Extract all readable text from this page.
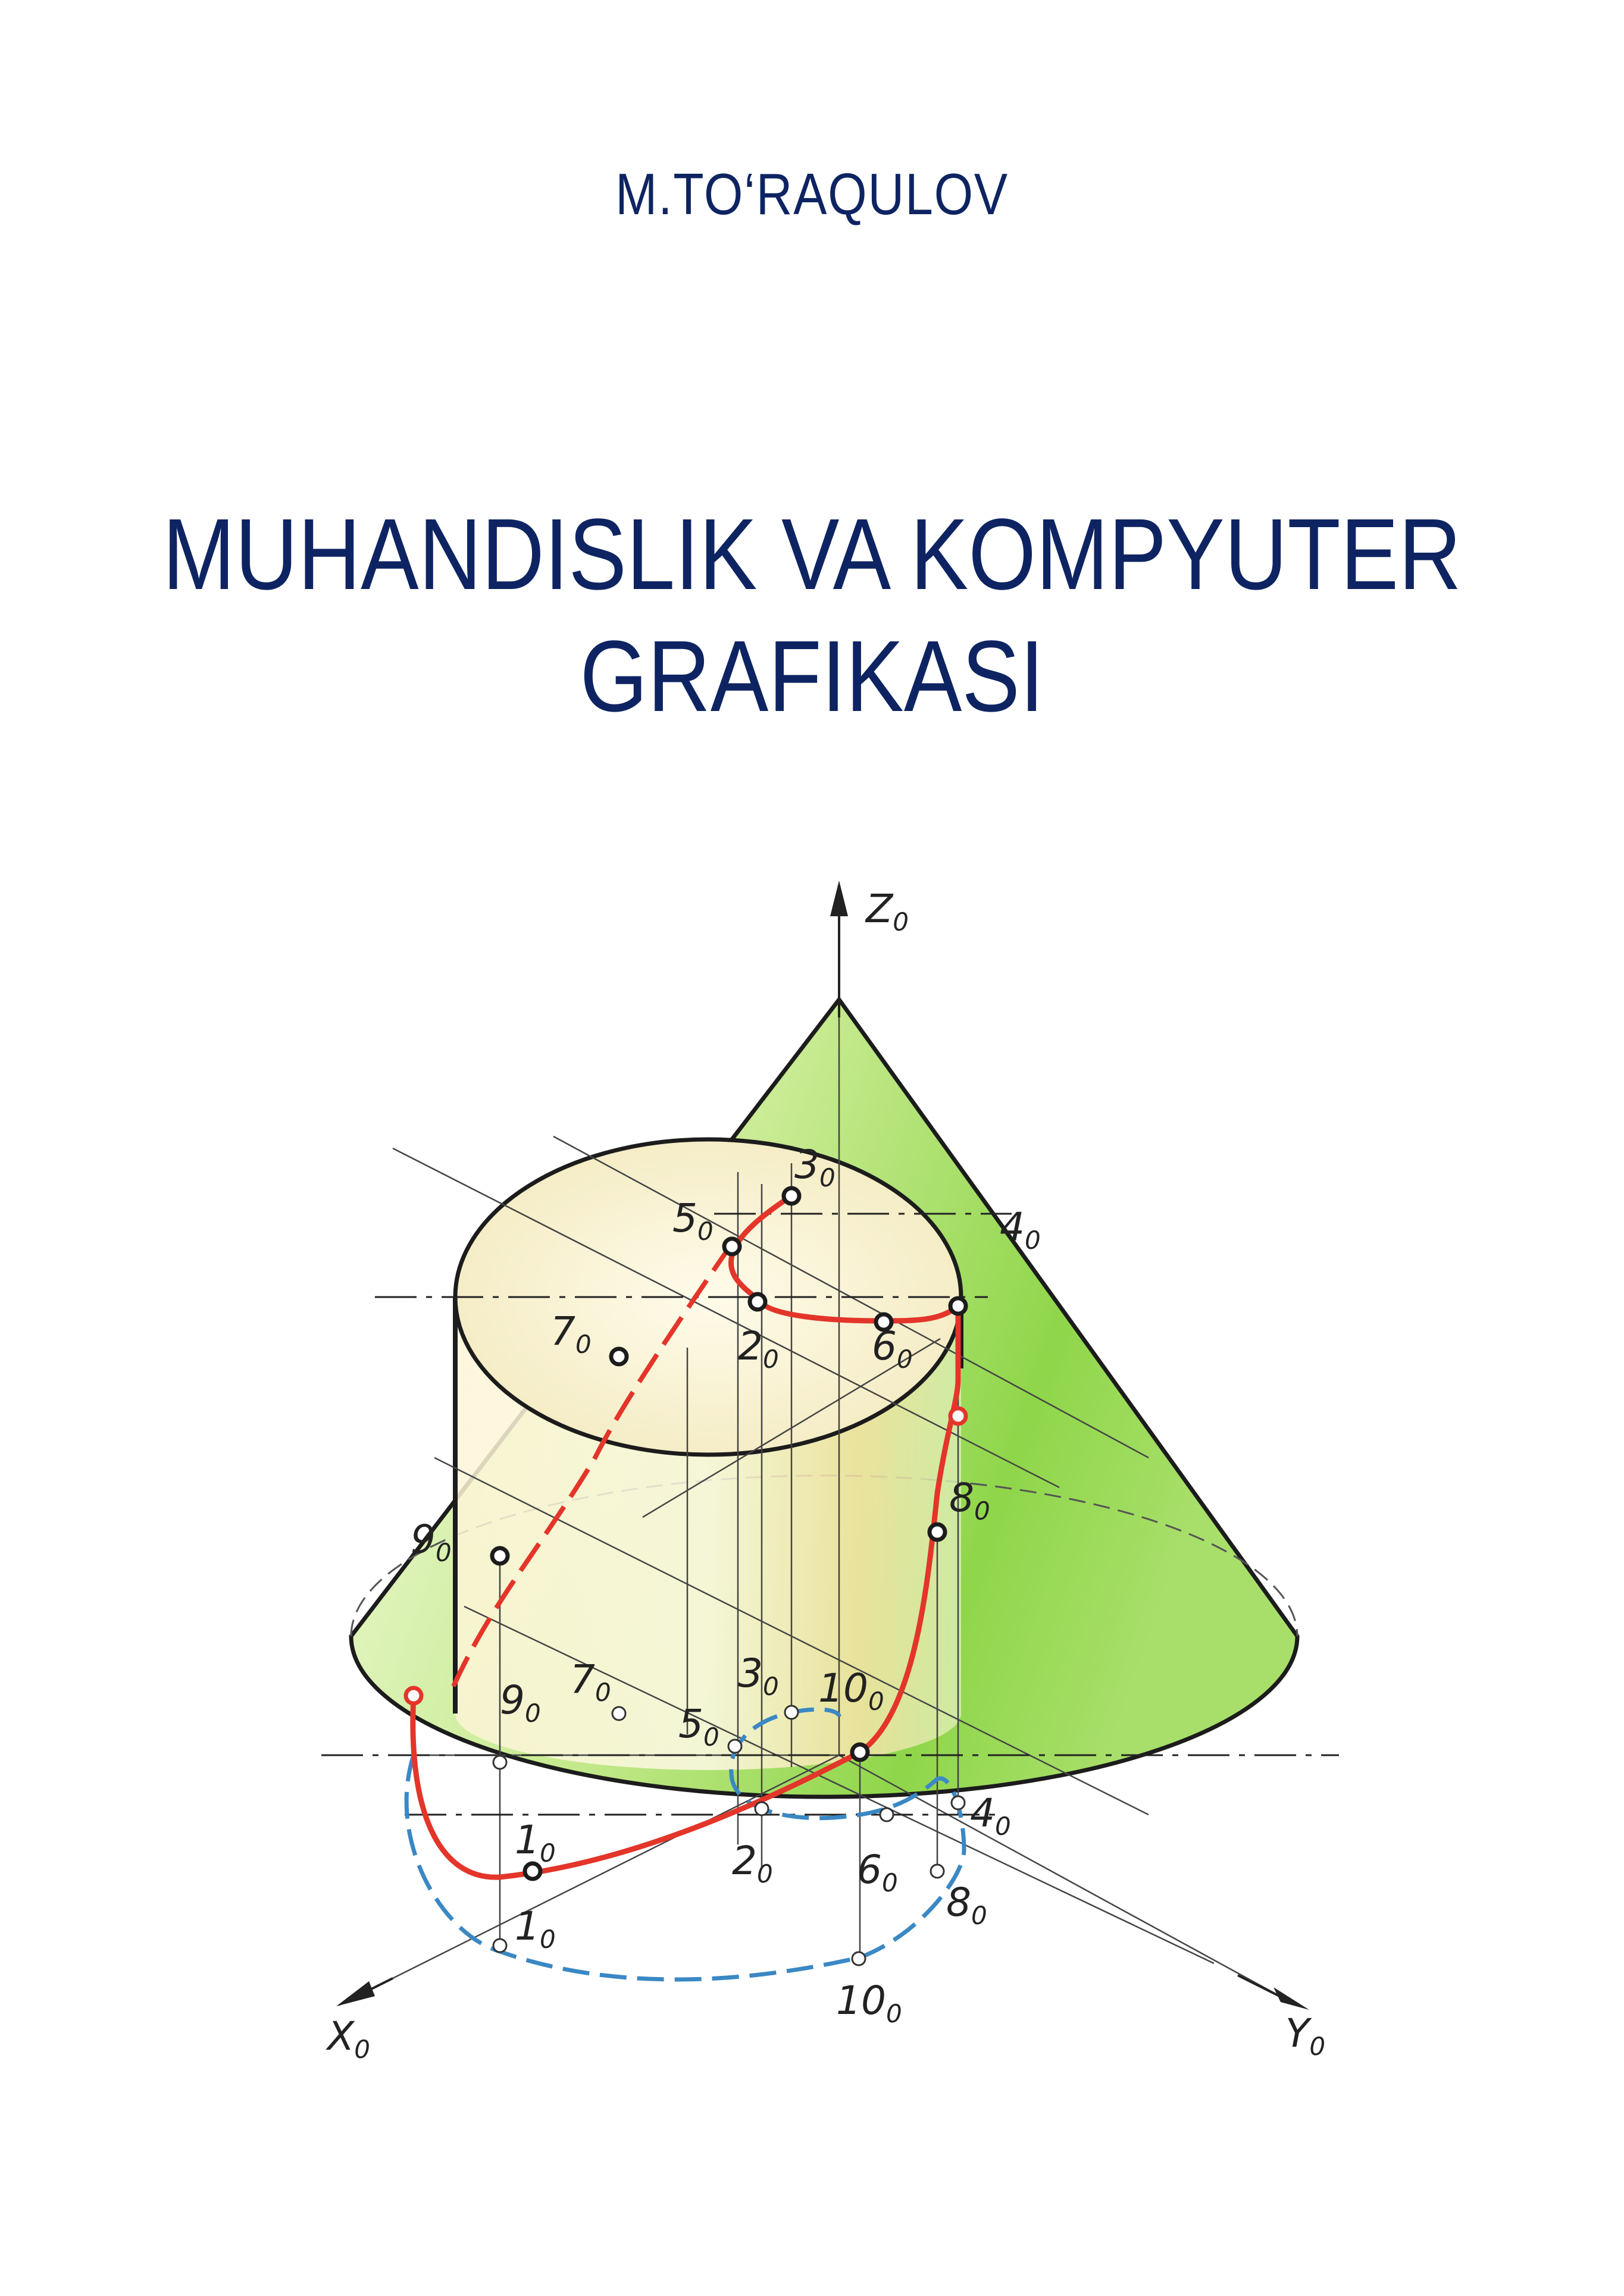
M.TO‘RAQULOV
MUHANDISLIK VA KOMPYUTER
GRAFIKASI
$Z_0$
$X_0$	$Y_0$
$3_0$
$5_0$	$4_0$
$7_0$	$2_0$ $6_0$
$8_0$
$9_0$
$10_0$
$1_0$
$7_0$
$9_0$
$3_0$
$5_0$
$4_0$
$2_0$ $6_0$ $8_0$
$1_0$
$10_0$
